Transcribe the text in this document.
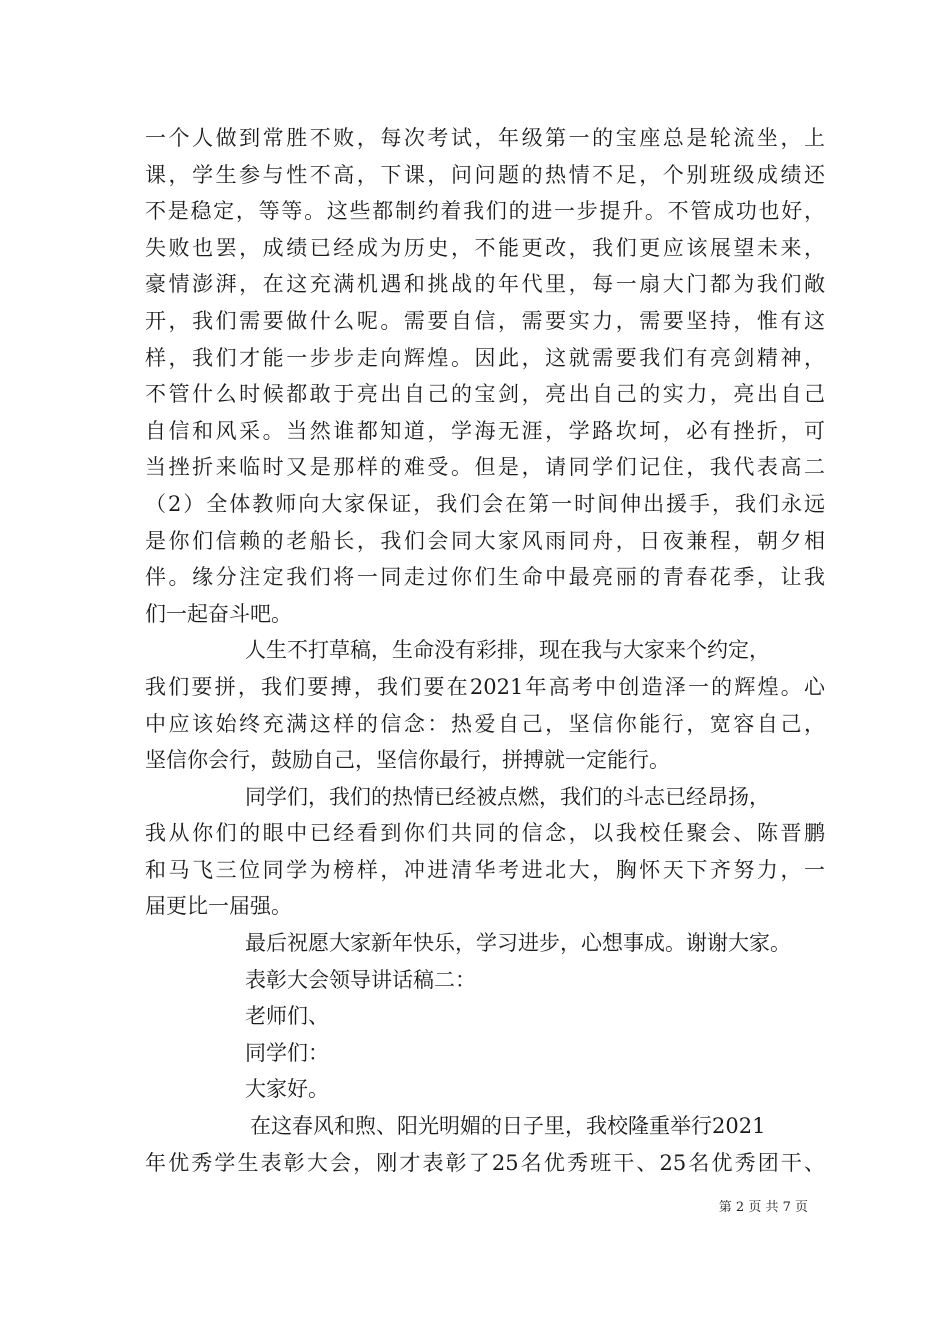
一个人做到常胜不败，每次考试，年级第一的宝座总是轮流坐，上
课，学生参与性不高，下课，问问题的热情不足，个别班级成绩还
不是稳定，等等。这些都制约着我们的进一步提升。不管成功也好，
失败也罢，成绩已经成为历史，不能更改，我们更应该展望未来，
豪情澎湃，在这充满机遇和挑战的年代里，每一扇大门都为我们敞
开，我们需要做什么呢。需要自信，需要实力，需要坚持，惟有这
样，我们才能一步步走向辉煌。因此，这就需要我们有亮剑精神，
不管什么时候都敢于亮出自己的宝剑，亮出自己的实力，亮出自己
自信和风采。当然谁都知道，学海无涯，学路坎坷，必有挫折，可
当挫折来临时又是那样的难受。但是，请同学们记住，我代表高二
（2）全体教师向大家保证，我们会在第一时间伸出援手，我们永远
是你们信赖的老船长，我们会同大家风雨同舟，日夜兼程，朝夕相
伴。缘分注定我们将一同走过你们生命中最亮丽的青春花季，让我
们一起奋斗吧。
人生不打草稿，生命没有彩排，现在我与大家来个约定，
我们要拼，我们要搏，我们要在2021年高考中创造泽一的辉煌。心
中应该始终充满这样的信念：热爱自己，坚信你能行，宽容自己，
坚信你会行，鼓励自己，坚信你最行，拼搏就一定能行。
同学们，我们的热情已经被点燃，我们的斗志已经昂扬，
我从你们的眼中已经看到你们共同的信念，以我校任聚会、陈晋鹏
和马飞三位同学为榜样，冲进清华考进北大，胸怀天下齐努力，一
届更比一届强。
最后祝愿大家新年快乐，学习进步，心想事成。谢谢大家。
表彰大会领导讲话稿二：
老师们、
同学们：
大家好。
在这春风和煦、阳光明媚的日子里，我校隆重举行2021
年优秀学生表彰大会，刚才表彰了25名优秀班干、25名优秀团干、
第 2 页 共 7 页
